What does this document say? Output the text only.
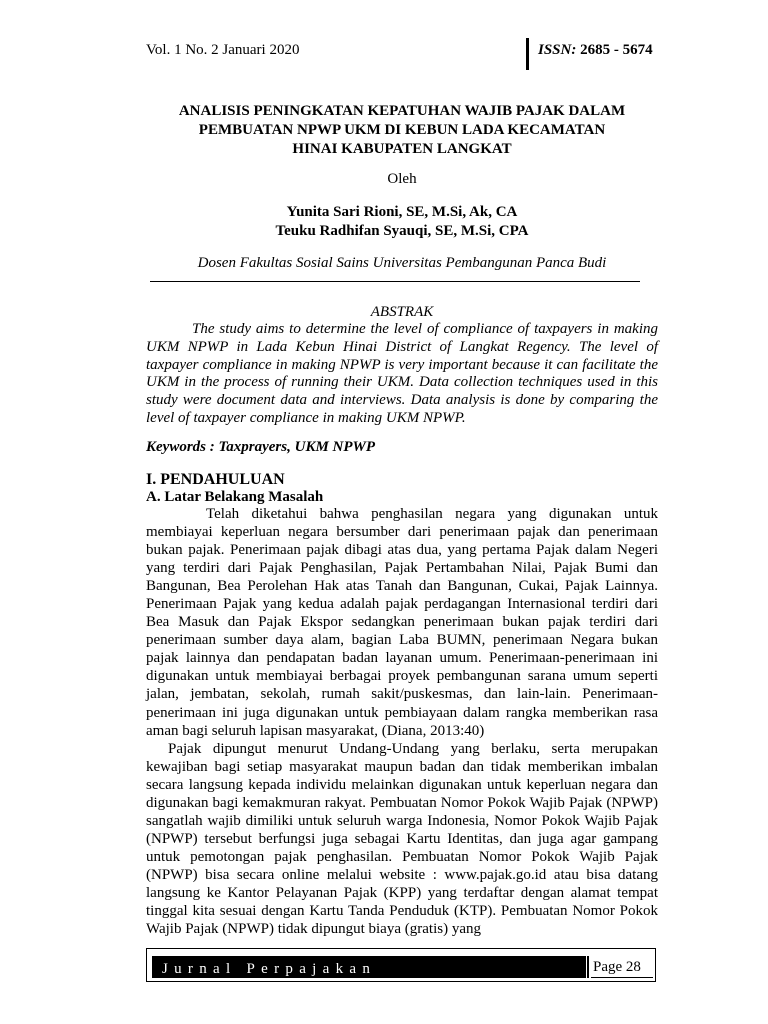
Vol. 1 No. 2 Januari 2020	ISSN: 2685 - 5674
ANALISIS PENINGKATAN KEPATUHAN WAJIB PAJAK DALAM
PEMBUATAN NPWP UKM DI KEBUN LADA KECAMATAN
HINAI KABUPATEN LANGKAT
Oleh
Yunita Sari Rioni, SE, M.Si, Ak, CA
Teuku Radhifan Syauqi, SE, M.Si, CPA
Dosen Fakultas Sosial Sains Universitas Pembangunan Panca Budi
ABSTRAK

The study aims to determine the level of compliance of taxpayers in making UKM NPWP in Lada Kebun Hinai District of Langkat Regency. The level of taxpayer compliance in making NPWP is very important because it can facilitate the UKM in the process of running their UKM. Data collection techniques used in this study were document data and interviews. Data analysis is done by comparing the level of taxpayer compliance in making UKM NPWP.

Keywords : Taxprayers, UKM NPWP
I. PENDAHULUAN
A. Latar Belakang Masalah

Telah diketahui bahwa penghasilan negara yang digunakan untuk membiayai keperluan negara bersumber dari penerimaan pajak dan penerimaan bukan pajak. Penerimaan pajak dibagi atas dua, yang pertama Pajak dalam Negeri yang terdiri dari Pajak Penghasilan, Pajak Pertambahan Nilai, Pajak Bumi dan Bangunan, Bea Perolehan Hak atas Tanah dan Bangunan, Cukai, Pajak Lainnya. Penerimaan Pajak yang kedua adalah pajak perdagangan Internasional terdiri dari Bea Masuk dan Pajak Ekspor sedangkan penerimaan bukan pajak terdiri dari penerimaan sumber daya alam, bagian Laba BUMN, penerimaan Negara bukan pajak lainnya dan pendapatan badan layanan umum. Penerimaan-penerimaan ini digunakan untuk membiayai berbagai proyek pembangunan sarana umum seperti jalan, jembatan, sekolah, rumah sakit/puskesmas, dan lain-lain. Penerimaan-penerimaan ini juga digunakan untuk pembiayaan dalam rangka memberikan rasa aman bagi seluruh lapisan masyarakat, (Diana, 2013:40)

Pajak dipungut menurut Undang-Undang yang berlaku, serta merupakan kewajiban bagi setiap masyarakat maupun badan dan tidak memberikan imbalan secara langsung kepada individu melainkan digunakan untuk keperluan negara dan digunakan bagi kemakmuran rakyat. Pembuatan Nomor Pokok Wajib Pajak (NPWP) sangatlah wajib dimiliki untuk seluruh warga Indonesia, Nomor Pokok Wajib Pajak (NPWP) tersebut berfungsi juga sebagai Kartu Identitas, dan juga agar gampang untuk pemotongan pajak penghasilan. Pembuatan Nomor Pokok Wajib Pajak (NPWP) bisa secara online melalui website : www.pajak.go.id atau bisa datang langsung ke Kantor Pelayanan Pajak (KPP) yang terdaftar dengan alamat tempat tinggal kita sesuai dengan Kartu Tanda Penduduk (KTP). Pembuatan Nomor Pokok Wajib Pajak (NPWP) tidak dipungut biaya (gratis) yang

Jurnal Perpajakan	Page 28
